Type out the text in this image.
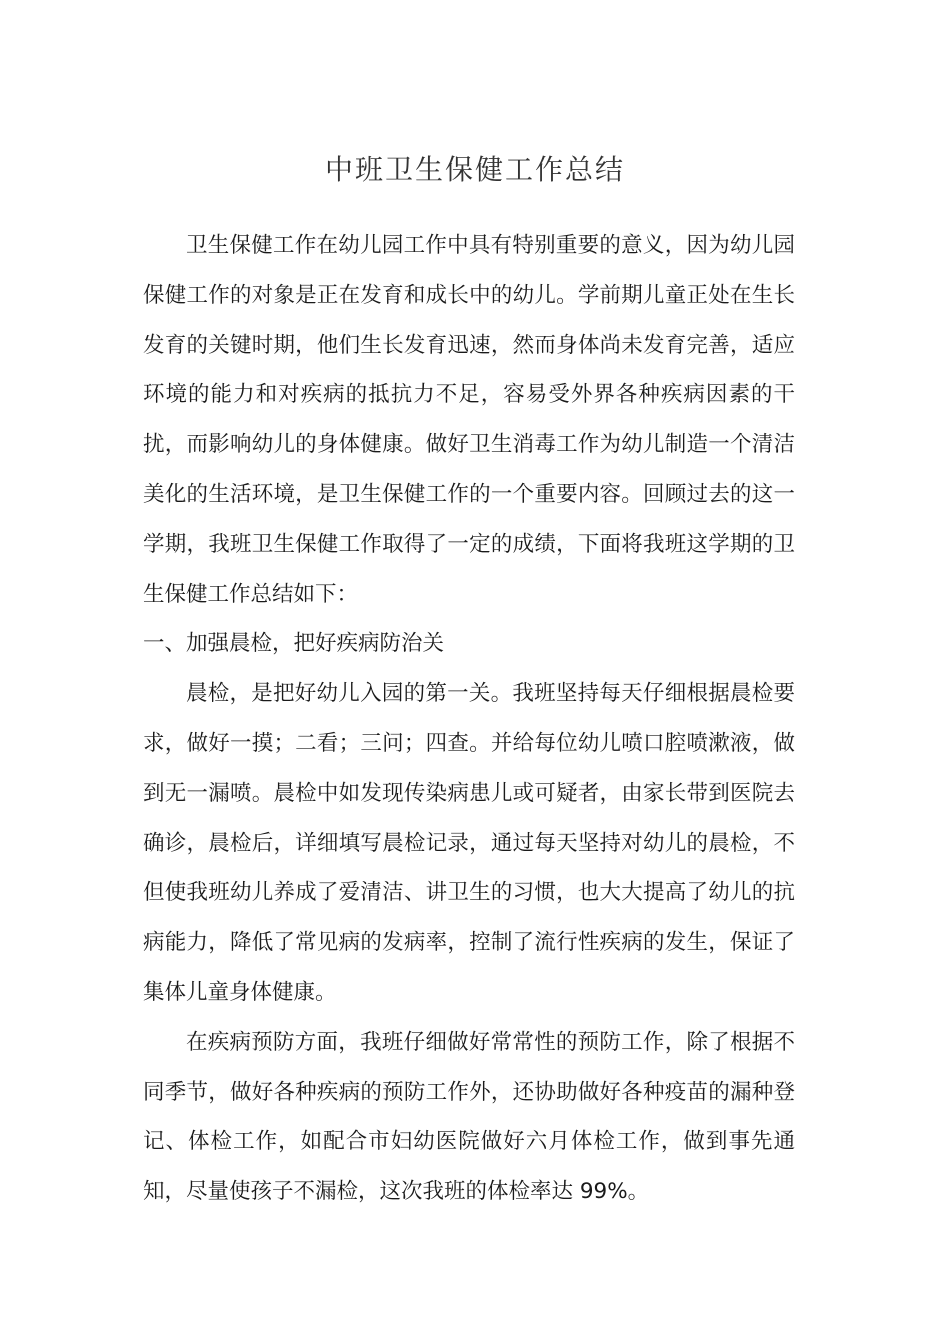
中班卫生保健工作总结

卫生保健工作在幼儿园工作中具有特别重要的意义，因为幼儿园保健工作的对象是正在发育和成长中的幼儿。学前期儿童正处在生长发育的关键时期，他们生长发育迅速，然而身体尚未发育完善，适应环境的能力和对疾病的抵抗力不足，容易受外界各种疾病因素的干扰，而影响幼儿的身体健康。做好卫生消毒工作为幼儿制造一个清洁美化的生活环境，是卫生保健工作的一个重要内容。回顾过去的这一学期，我班卫生保健工作取得了一定的成绩，下面将我班这学期的卫生保健工作总结如下：

一、加强晨检，把好疾病防治关

晨检，是把好幼儿入园的第一关。我班坚持每天仔细根据晨检要求，做好一摸；二看；三问；四查。并给每位幼儿喷口腔喷漱液，做到无一漏喷。晨检中如发现传染病患儿或可疑者，由家长带到医院去确诊，晨检后，详细填写晨检记录，通过每天坚持对幼儿的晨检，不但使我班幼儿养成了爱清洁、讲卫生的习惯，也大大提高了幼儿的抗病能力，降低了常见病的发病率，控制了流行性疾病的发生，保证了集体儿童身体健康。

在疾病预防方面，我班仔细做好常常性的预防工作，除了根据不同季节，做好各种疾病的预防工作外，还协助做好各种疫苗的漏种登记、体检工作，如配合市妇幼医院做好六月体检工作，做到事先通知，尽量使孩子不漏检，这次我班的体检率达 99%。
